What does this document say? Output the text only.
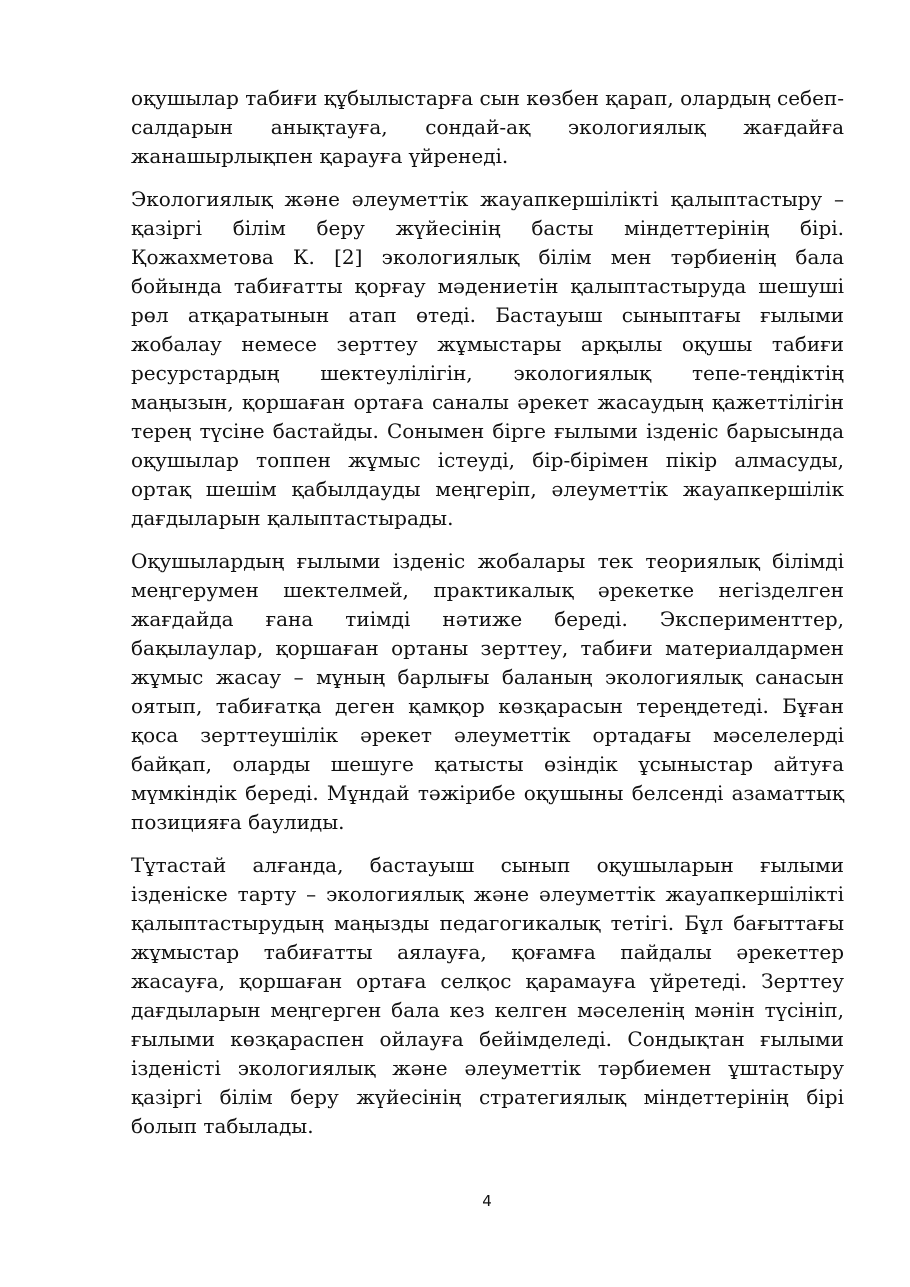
оқушылар табиғи құбылыстарға сын көзбен қарап, олардың себеп-салдарын анықтауға, сондай-ақ экологиялық жағдайға жанашырлықпен қарауға үйренеді.

Экологиялық және әлеуметтік жауапкершілікті қалыптастыру – қазіргі білім беру жүйесінің басты міндеттерінің бірі. Қожахметова К. [2] экологиялық білім мен тәрбиенің бала бойында табиғатты қорғау мәдениетін қалыптастыруда шешуші рөл атқаратынын атап өтеді. Бастауыш сыныптағы ғылыми жобалау немесе зерттеу жұмыстары арқылы оқушы табиғи ресурстардың шектеулілігін, экологиялық тепе-теңдіктің маңызын, қоршаған ортаға саналы әрекет жасаудың қажеттілігін терең түсіне бастайды. Сонымен бірге ғылыми ізденіс барысында оқушылар топпен жұмыс істеуді, бір-бірімен пікір алмасуды, ортақ шешім қабылдауды меңгеріп, әлеуметтік жауапкершілік дағдыларын қалыптастырады.

Оқушылардың ғылыми ізденіс жобалары тек теориялық білімді меңгерумен шектелмей, практикалық әрекетке негізделген жағдайда ғана тиімді нәтиже береді. Эксперименттер, бақылаулар, қоршаған ортаны зерттеу, табиғи материалдармен жұмыс жасау – мұның барлығы баланың экологиялық санасын оятып, табиғатқа деген қамқор көзқарасын тереңдетеді. Бұған қоса зерттеушілік әрекет әлеуметтік ортадағы мәселелерді байқап, оларды шешуге қатысты өзіндік ұсыныстар айтуға мүмкіндік береді. Мұндай тәжірибе оқушыны белсенді азаматтық позицияға баулиды.

Тұтастай алғанда, бастауыш сынып оқушыларын ғылыми ізденіске тарту – экологиялық және әлеуметтік жауапкершілікті қалыптастырудың маңызды педагогикалық тетігі. Бұл бағыттағы жұмыстар табиғатты аялауға, қоғамға пайдалы әрекеттер жасауға, қоршаған ортаға селқос қарамауға үйретеді. Зерттеу дағдыларын меңгерген бала кез келген мәселенің мәнін түсініп, ғылыми көзқараспен ойлауға бейімделеді. Сондықтан ғылыми ізденісті экологиялық және әлеуметтік тәрбиемен ұштастыру қазіргі білім беру жүйесінің стратегиялық міндеттерінің бірі болып табылады.

4
